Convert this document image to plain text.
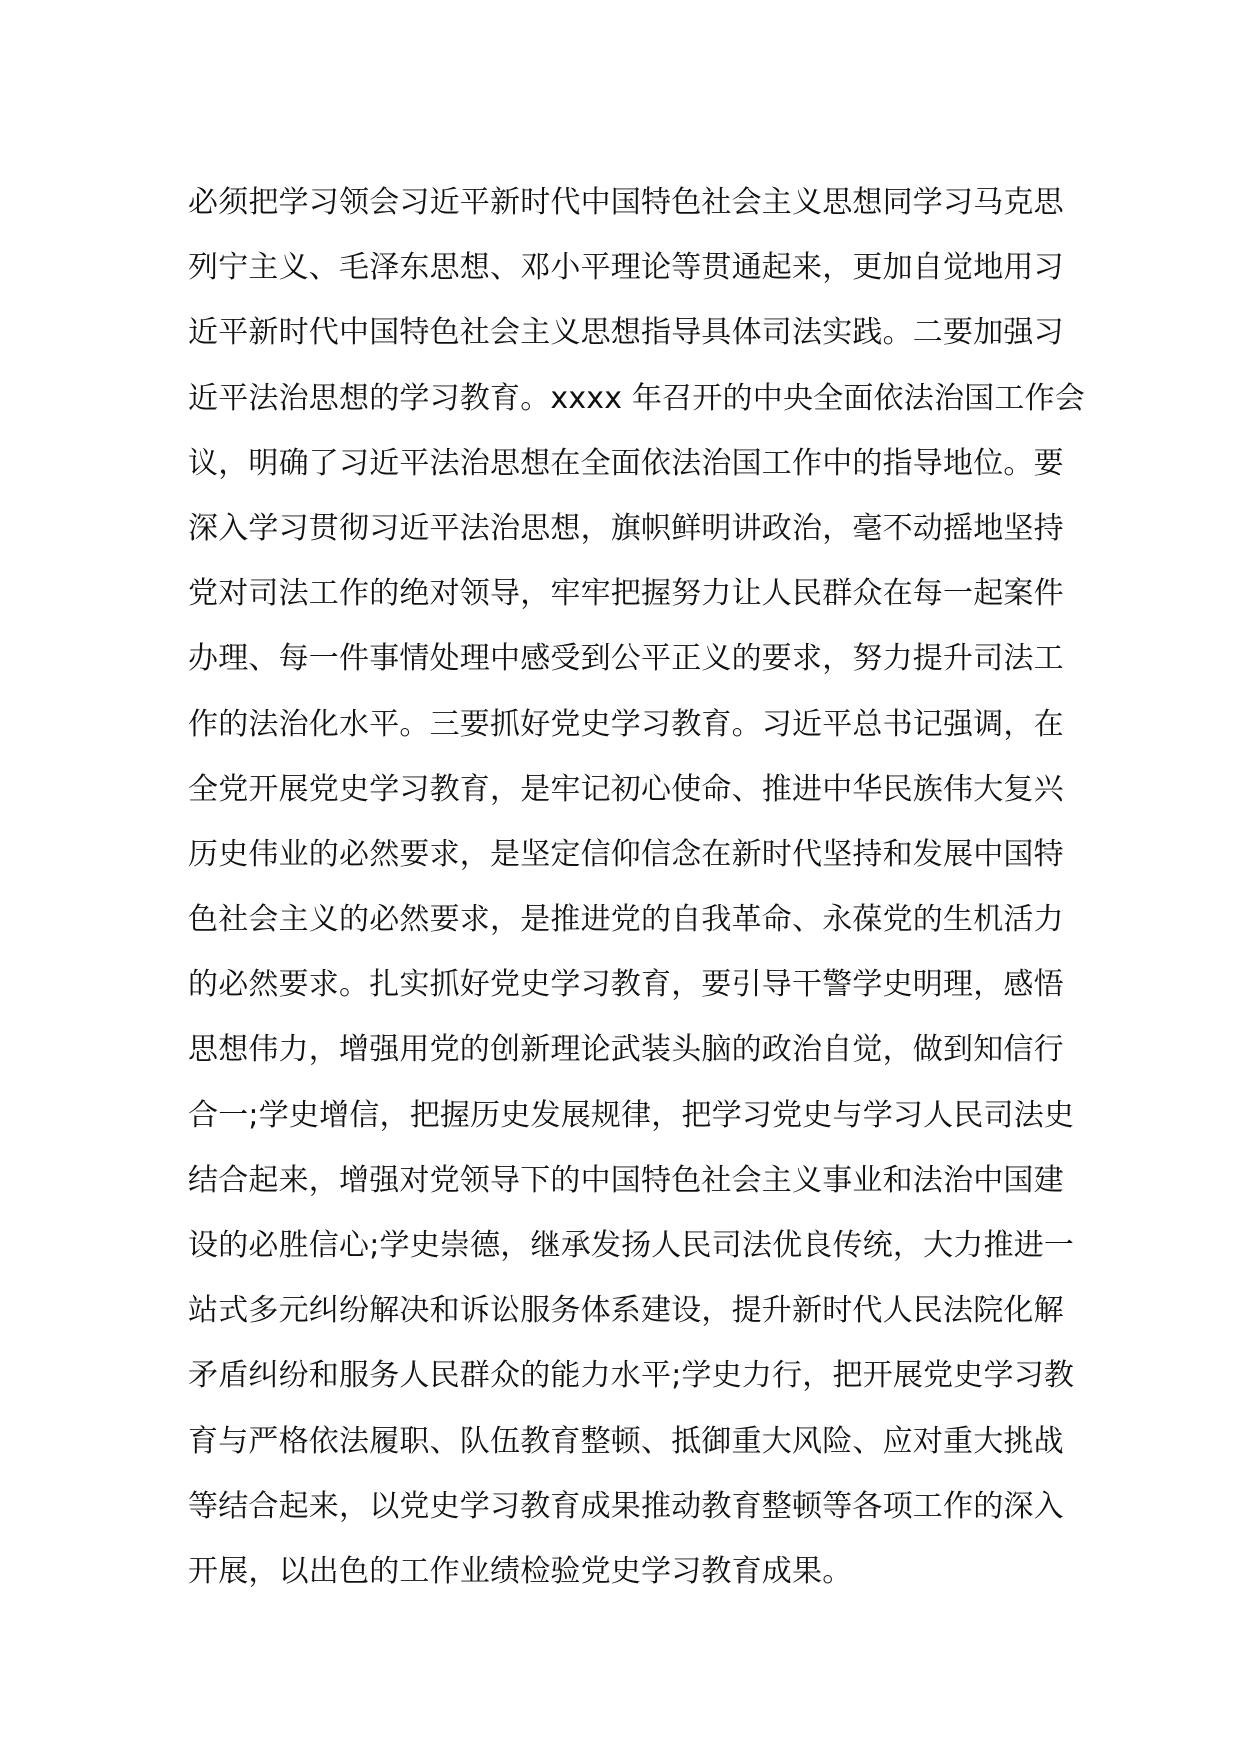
必须把学习领会习近平新时代中国特色社会主义思想同学习马克思
列宁主义、毛泽东思想、邓小平理论等贯通起来，更加自觉地用习
近平新时代中国特色社会主义思想指导具体司法实践。二要加强习
近平法治思想的学习教育。xxxx 年召开的中央全面依法治国工作会
议，明确了习近平法治思想在全面依法治国工作中的指导地位。要
深入学习贯彻习近平法治思想，旗帜鲜明讲政治，毫不动摇地坚持
党对司法工作的绝对领导，牢牢把握努力让人民群众在每一起案件
办理、每一件事情处理中感受到公平正义的要求，努力提升司法工
作的法治化水平。三要抓好党史学习教育。习近平总书记强调，在
全党开展党史学习教育，是牢记初心使命、推进中华民族伟大复兴
历史伟业的必然要求，是坚定信仰信念在新时代坚持和发展中国特
色社会主义的必然要求，是推进党的自我革命、永葆党的生机活力
的必然要求。扎实抓好党史学习教育，要引导干警学史明理，感悟
思想伟力，增强用党的创新理论武装头脑的政治自觉，做到知信行
合一;学史增信，把握历史发展规律，把学习党史与学习人民司法史
结合起来，增强对党领导下的中国特色社会主义事业和法治中国建
设的必胜信心;学史崇德，继承发扬人民司法优良传统，大力推进一
站式多元纠纷解决和诉讼服务体系建设，提升新时代人民法院化解
矛盾纠纷和服务人民群众的能力水平;学史力行，把开展党史学习教
育与严格依法履职、队伍教育整顿、抵御重大风险、应对重大挑战
等结合起来，以党史学习教育成果推动教育整顿等各项工作的深入
开展，以出色的工作业绩检验党史学习教育成果。
